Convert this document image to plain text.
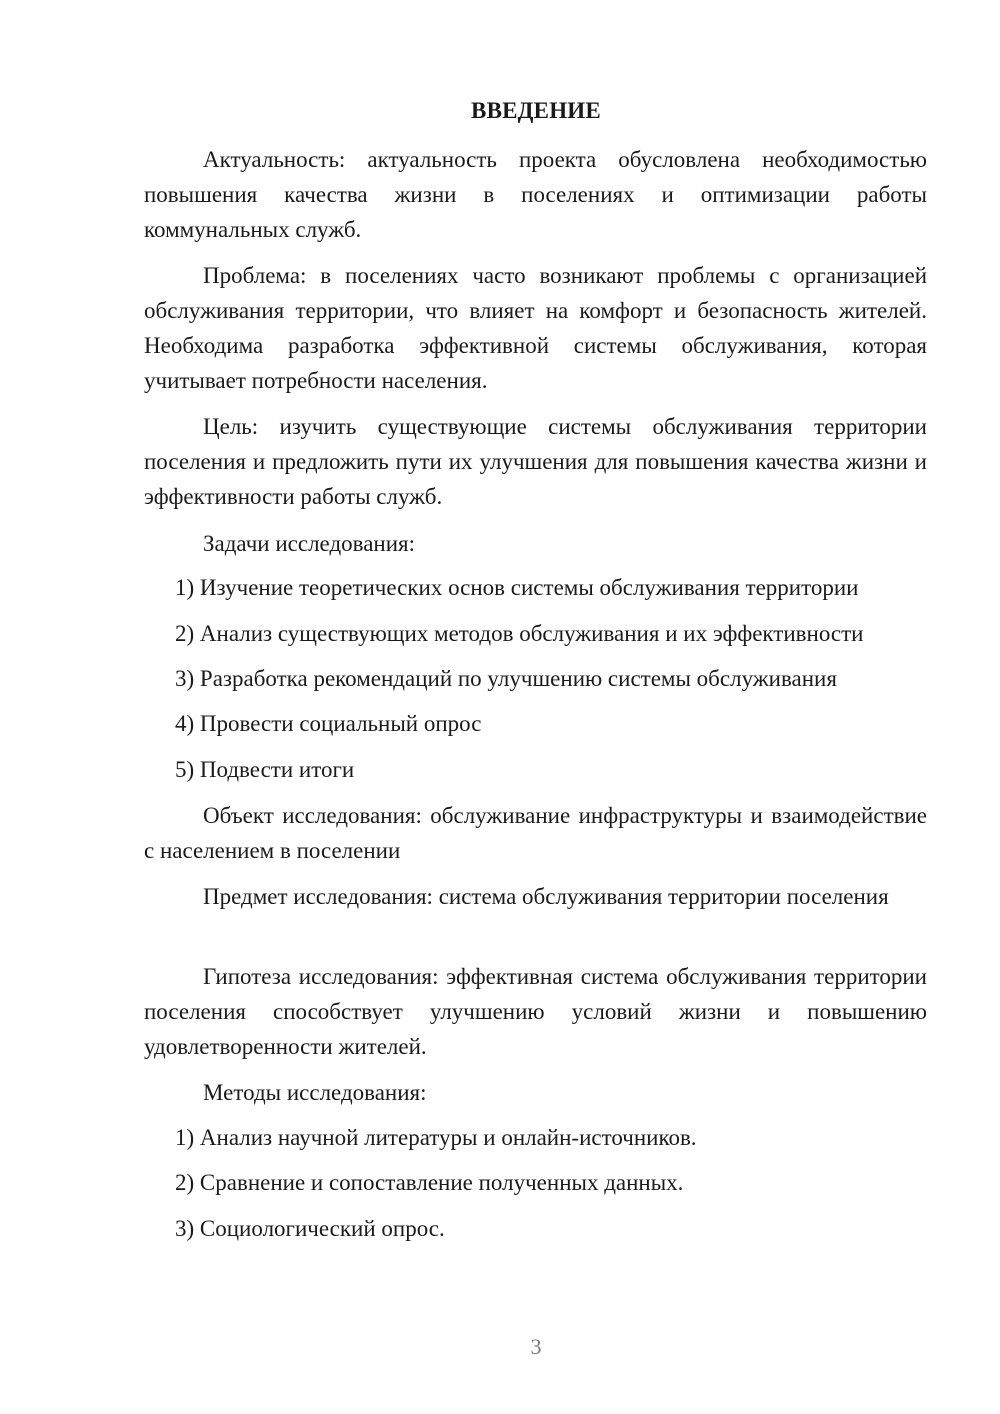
ВВЕДЕНИЕ
Актуальность: актуальность проекта обусловлена необходимостью повышения качества жизни в поселениях и оптимизации работы коммунальных служб.
Проблема: в поселениях часто возникают проблемы с организацией обслуживания территории, что влияет на комфорт и безопасность жителей. Необходима разработка эффективной системы обслуживания, которая учитывает потребности населения.
Цель: изучить существующие системы обслуживания территории поселения и предложить пути их улучшения для повышения качества жизни и эффективности работы служб.
Задачи исследования:
1) Изучение теоретических основ системы обслуживания территории
2) Анализ существующих методов обслуживания и их эффективности
3) Разработка рекомендаций по улучшению системы обслуживания
4) Провести социальный опрос
5) Подвести итоги
Объект исследования: обслуживание инфраструктуры и взаимодействие с населением в поселении
Предмет исследования: система обслуживания территории поселения
Гипотеза исследования: эффективная система обслуживания территории поселения способствует улучшению условий жизни и повышению удовлетворенности жителей.
Методы исследования:
1) Анализ научной литературы и онлайн-источников.
2) Сравнение и сопоставление полученных данных.
3) Социологический опрос.
3
